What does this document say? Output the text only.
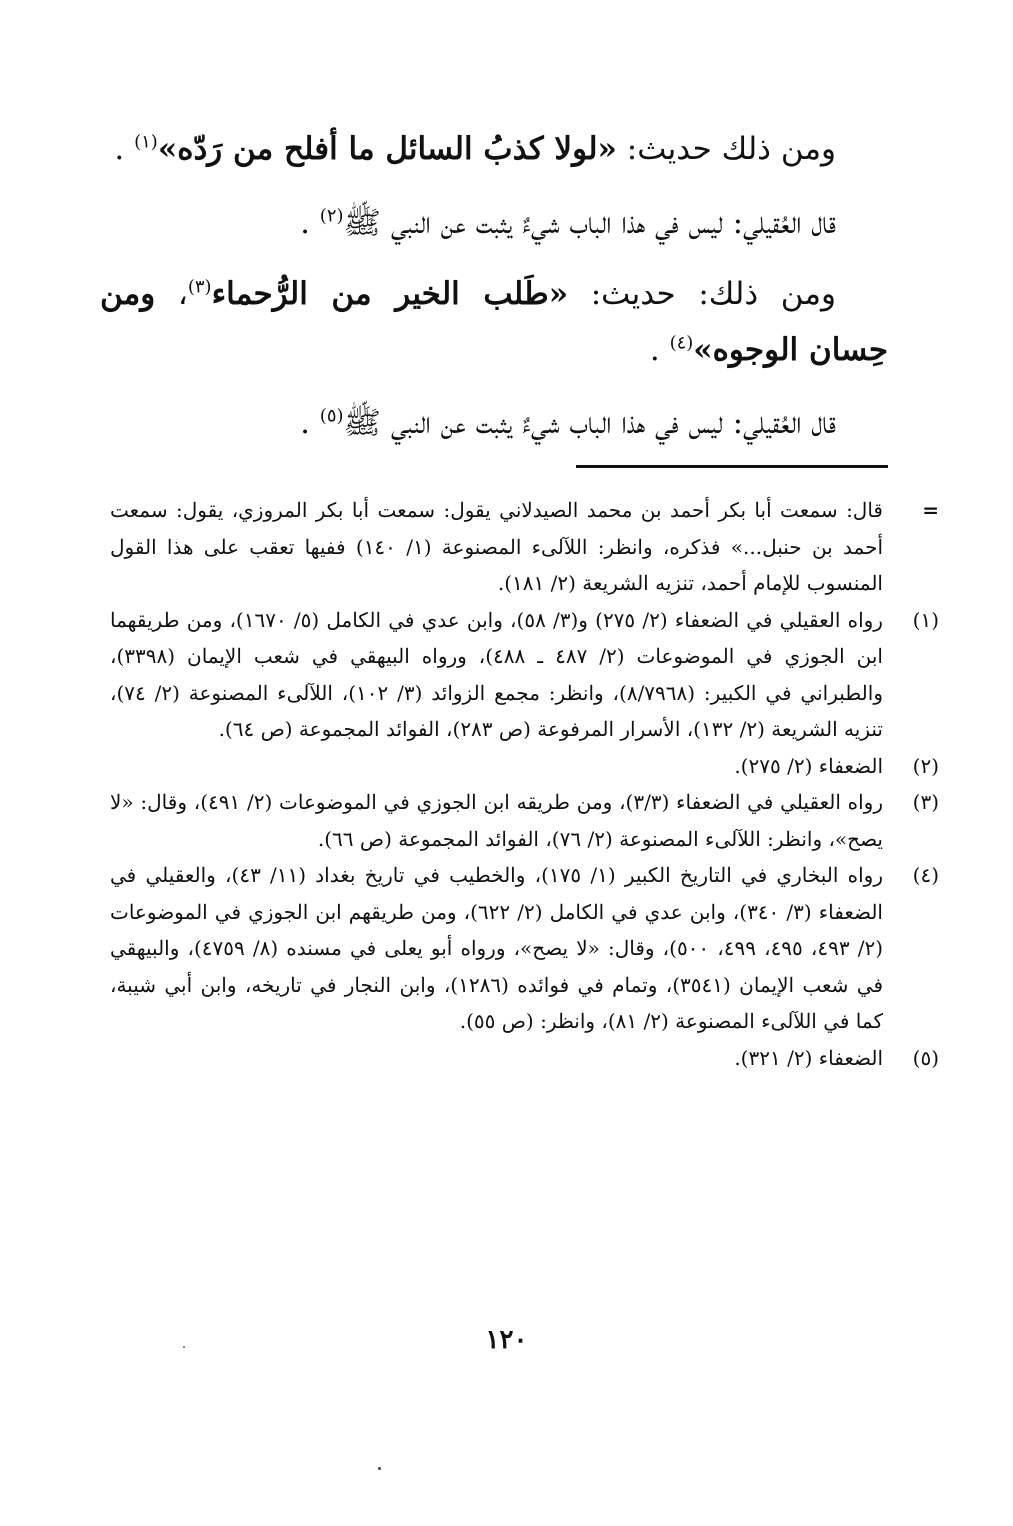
ومن ذلك حديث: «لولا كذبُ السائل ما أفلح من رَدّه»$^{(١)}$ .

قال العُقيلي: ليس في هذا الباب شيءٌ يثبت عن النبي ﷺ$^{(٢)}$ .

ومن ذلك: حديث: «طَلب الخير من الرُّحماء$^{(٣)}$، ومن حِسان الوجوه»$^{(٤)}$ .

قال العُقيلي: ليس في هذا الباب شيءٌ يثبت عن النبي ﷺ$^{(٥)}$ .

=
قال: سمعت أبا بكر أحمد بن محمد الصيدلاني يقول: سمعت أبا بكر المروزي، يقول: سمعت أحمد بن حنبل...» فذكره، وانظر: اللآلىء المصنوعة (١/ ١٤٠) ففيها تعقب على هذا القول المنسوب للإمام أحمد، تنزيه الشريعة (٢/ ١٨١).
(١)
رواه العقيلي في الضعفاء (٢/ ٢٧٥) و(٣/ ٥٨)، وابن عدي في الكامل (٥/ ١٦٧٠)، ومن طريقهما ابن الجوزي في الموضوعات (٢/ ٤٨٧ ـ ٤٨٨)، ورواه البيهقي في شعب الإيمان (٣٣٩٨)، والطبراني في الكبير: (٨/٧٩٦٨)، وانظر: مجمع الزوائد (٣/ ١٠٢)، اللآلىء المصنوعة (٢/ ٧٤)، تنزيه الشريعة (٢/ ١٣٢)، الأسرار المرفوعة (ص ٢٨٣)، الفوائد المجموعة (ص ٦٤).
(٢)
الضعفاء (٢/ ٢٧٥).
(٣)
رواه العقيلي في الضعفاء (٣/٣)، ومن طريقه ابن الجوزي في الموضوعات (٢/ ٤٩١)، وقال: «لا يصح»، وانظر: اللآلىء المصنوعة (٢/ ٧٦)، الفوائد المجموعة (ص ٦٦).
(٤)
رواه البخاري في التاريخ الكبير (١/ ١٧٥)، والخطيب في تاريخ بغداد (١١/ ٤٣)، والعقيلي في الضعفاء (٣/ ٣٤٠)، وابن عدي في الكامل (٢/ ٦٢٢)، ومن طريقهم ابن الجوزي في الموضوعات (٢/ ٤٩٣، ٤٩٥، ٤٩٩، ٥٠٠)، وقال: «لا يصح»، ورواه أبو يعلى في مسنده (٨/ ٤٧٥٩)، والبيهقي في شعب الإيمان (٣٥٤١)، وتمام في فوائده (١٢٨٦)، وابن النجار في تاريخه، وابن أبي شيبة، كما في اللآلىء المصنوعة (٢/ ٨١)، وانظر: (ص ٥٥).
(٥)
الضعفاء (٢/ ٣٢١).
١٢٠
